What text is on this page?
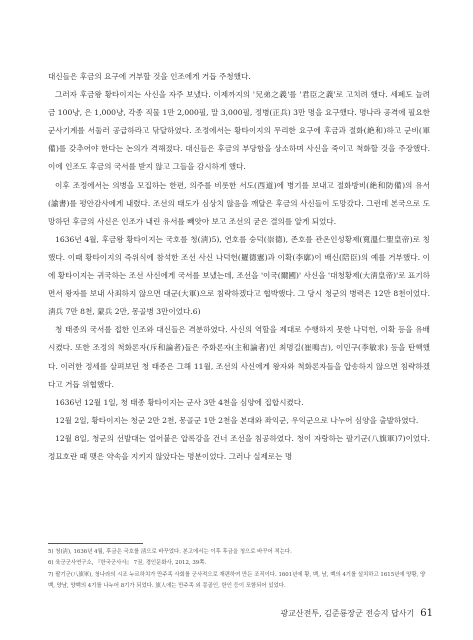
대신들은 후금의 요구에 거부할 것을 인조에게 거듭 주청했다.

그러자 후금왕 황타이지는 사신을 자주 보냈다. 이제까지의 '兄弟之義'를 '君臣之義'로 고치려 했다. 세폐도 늘려 금 100냥, 은 1,000냥, 각종 직물 1만 2,000필, 말 3,000필, 정병(正兵) 3만 명을 요구했다. 명나라 공격에 필요한 군사기계를 서둘러 공급하라고 닦달하였다. 조정에서는 황타이지의 무리한 요구에 후금과 절화(絶和)하고 군비(軍備)를 갖추어야 한다는 논의가 격해졌다. 대신들은 후금의 부당함을 상소하며 사신을 죽이고 척화할 것을 주장했다. 이에 인조도 후금의 국서를 받지 않고 그들을 감시하게 했다.

이후 조정에서는 의병을 모집하는 한편, 의주를 비롯한 서도(西道)에 병기를 보내고 절화방비(絶和防備)의 유서(諭書)를 평안감사에게 내렸다. 조선의 태도가 심상치 않음을 깨달은 후금의 사신들이 도망갔다. 그런데 본국으로 도망하던 후금의 사신은 인조가 내린 유서를 빼앗아 보고 조선의 굳은 결의를 알게 되었다.

1636년 4월, 후금왕 황타이지는 국호를 청(淸)5), 연호를 숭덕(崇德), 존호를 관온인성황제(寬溫仁聖皇帝)로 칭했다. 이때 황타이지의 즉위식에 참석한 조선 사신 나덕헌(羅德憲)과 이확(李廓)이 배신(陪臣)의 예를 거부했다. 이에 황타이지는 귀국하는 조선 사신에게 국서를 보냈는데, 조선을 '이국(爾國)' 사신을 '대청황제(大淸皇帝)'로 표기하면서 왕자를 보내 사죄하지 않으면 대군(大軍)으로 침략하겠다고 협박했다. 그 당시 청군의 병력은 12만 8천이었다. 淸兵 7만 8천, 蒙兵 2만, 몽골병 3만이었다.6)

청 태종의 국서를 접한 인조와 대신들은 격분하였다. 사신의 역할을 제대로 수행하지 못한 나덕헌, 이확 등을 유배시켰다. 또한 조정의 척화론자(斥和論者)들은 주화론자(主和論者)인 최명길(崔鳴吉), 이민구(李敏求) 등을 탄핵했다. 이러한 정세를 살펴보던 청 태종은 그해 11월, 조선의 사신에게 왕자와 척화론자들을 압송하지 않으면 침략하겠다고 거듭 위협했다.

1636년 12월 1일, 청 태종 황타이지는 군사 3만 4천을 심양에 집합시켰다.

12월 2일, 황타이지는 청군 2만 2천, 몽골군 1만 2천을 본대와 좌익군, 우익군으로 나누어 심양을 출발하였다.

12월 8일, 청군의 선발대는 얼어붙은 압록강을 건너 조선을 침공하였다. 청이 자랑하는 팔기군(八旗軍)7)이었다. 정묘호란 때 맺은 약속을 지키지 않았다는 명분이었다. 그러나 실제로는 명

5) 청(淸), 1636년 4월, 후금은 국호를 淸으로 바꾸었다. 본고에서는 이후 후금을 청으로 바꾸어 적는다.

6) 육군군사연구소, 『한국군사사』 7권, 경인문화사, 2012, 39쪽.

7) 팔기군(八旗軍), 청나라의 시조 누르하치가 만주족 사회를 군사적으로 재편하여 만든 조직이다. 1601년에 황, 백, 남, 백의 4기를 설치하고 1615년에 양황, 양백, 양남, 양백의 4기를 나누어 8기가 되었다. 旗人에는 만주족 외 몽골인, 한인 등이 포함되어 있었다.

광교산전투, 김준룡장군 전승지 답사기 61
